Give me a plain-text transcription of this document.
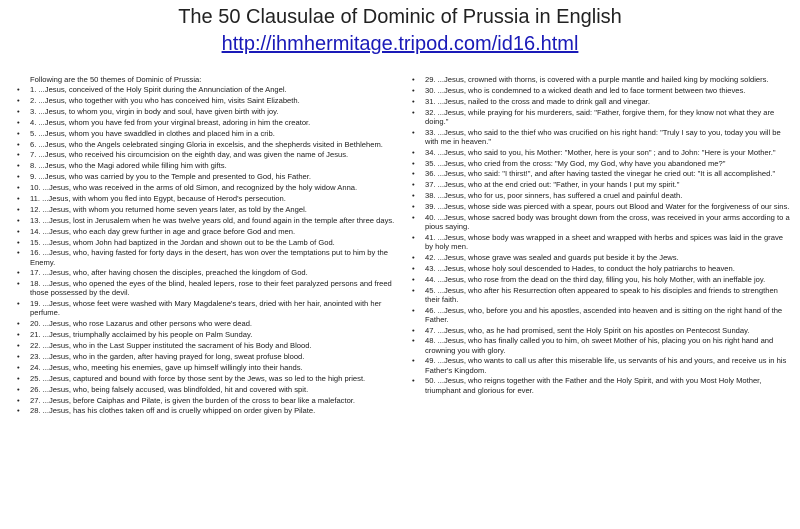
The 50 Clausulae of Dominic of Prussia in English
http://ihmhermitage.tripod.com/id16.html
Following are the 50 themes of Dominic of Prussia:
• 1. ...Jesus, conceived of the Holy Spirit during the Annunciation of the Angel.
• 2. ...Jesus, who together with you who has conceived him, visits Saint Elizabeth.
• 3. ...Jesus, to whom you, virgin in body and soul, have given birth with joy.
• 4. ...Jesus, whom you have fed from your virginal breast, adoring in him the creator.
• 5. ...Jesus, whom you have swaddled in clothes and placed him in a crib.
• 6. ...Jesus, who the Angels celebrated singing Gloria in excelsis, and the shepherds visited in Bethlehem.
• 7. ...Jesus, who received his circumcision on the eighth day, and was given the name of Jesus.
• 8. ...Jesus, who the Magi adored while filling him with gifts.
• 9. ...Jesus, who was carried by you to the Temple and presented to God, his Father.
• 10. ...Jesus, who was received in the arms of old Simon, and recognized by the holy widow Anna.
• 11. ...Jesus, with whom you fled into Egypt, because of Herod's persecution.
• 12. ...Jesus, with whom you returned home seven years later, as told by the Angel.
• 13. ...Jesus, lost in Jerusalem when he was twelve years old, and found again in the temple after three days.
• 14. ...Jesus, who each day grew further in age and grace before God and men.
• 15. ...Jesus, whom John had baptized in the Jordan and shown out to be the Lamb of God.
• 16. ...Jesus, who, having fasted for forty days in the desert, has won over the temptations put to him by the Enemy.
• 17. ...Jesus, who, after having chosen the disciples, preached the kingdom of God.
• 18. ...Jesus, who opened the eyes of the blind, healed lepers, rose to their feet paralyzed persons and freed those possessed by the devil.
• 19. ...Jesus, whose feet were washed with Mary Magdalene's tears, dried with her hair, anointed with her perfume.
• 20. ...Jesus, who rose Lazarus and other persons who were dead.
• 21. ...Jesus, triumphally acclaimed by his people on Palm Sunday.
• 22. ...Jesus, who in the Last Supper instituted the sacrament of his Body and Blood.
• 23. ...Jesus, who in the garden, after having prayed for long, sweat profuse blood.
• 24. ...Jesus, who, meeting his enemies, gave up himself willingly into their hands.
• 25. ...Jesus, captured and bound with force by those sent by the Jews, was so led to the high priest.
• 26. ...Jesus, who, being falsely accused, was blindfolded, hit and covered with spit.
• 27. ...Jesus, before Caiphas and Pilate, is given the burden of the cross to bear like a malefactor.
• 28. ...Jesus, has his clothes taken off and is cruelly whipped on order given by Pilate.
• 29. ...Jesus, crowned with thorns, is covered with a purple mantle and hailed king by mocking soldiers.
• 30. ...Jesus, who is condemned to a wicked death and led to face torment between two thieves.
• 31. ...Jesus, nailed to the cross and made to drink gall and vinegar.
• 32. ...Jesus, while praying for his murderers, said: "Father, forgive them, for they know not what they are doing."
• 33. ...Jesus, who said to the thief who was crucified on his right hand: "Truly I say to you, today you will be with me in heaven."
• 34. ...Jesus, who said to you, his Mother: "Mother, here is your son" ; and to John: "Here is your Mother."
• 35. ...Jesus, who cried from the cross: "My God, my God, why have you abandoned me?"
• 36. ...Jesus, who said: "I thirst!", and after having tasted the vinegar he cried out: "It is all accomplished."
• 37. ...Jesus, who at the end cried out: "Father, in your hands I put my spirit."
• 38. ...Jesus, who for us, poor sinners, has suffered a cruel and painful death.
• 39. ...Jesus, whose side was pierced with a spear, pours out Blood and Water for the forgiveness of our sins.
• 40. ...Jesus, whose sacred body was brought down from the cross, was received in your arms according to a pious saying.
• 41. ...Jesus, whose body was wrapped in a sheet and wrapped with herbs and spices was laid in the grave by holy men.
• 42. ...Jesus, whose grave was sealed and guards put beside it by the Jews.
• 43. ...Jesus, whose holy soul descended to Hades, to conduct the holy patriarchs to heaven.
• 44. ...Jesus, who rose from the dead on the third day, filling you, his holy Mother, with an ineffable joy.
• 45. ...Jesus, who after his Resurrection often appeared to speak to his disciples and friends to strengthen their faith.
• 46. ...Jesus, who, before you and his apostles, ascended into heaven and is sitting on the right hand of the Father.
• 47. ...Jesus, who, as he had promised, sent the Holy Spirit on his apostles on Pentecost Sunday.
• 48. ...Jesus, who has finally called you to him, oh sweet Mother of his, placing you on his right hand and crowning you with glory.
• 49. ...Jesus, who wants to call us after this miserable life, us servants of his and yours, and receive us in his Father's Kingdom.
• 50. ...Jesus, who reigns together with the Father and the Holy Spirit, and with you Most Holy Mother, triumphant and glorious for ever.
